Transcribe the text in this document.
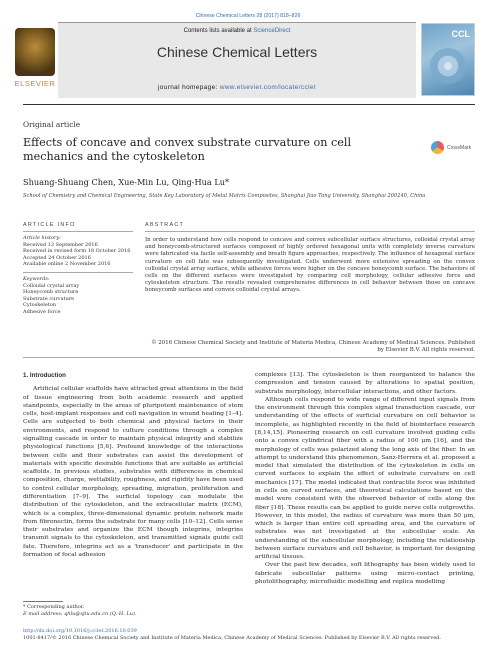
Chinese Chemical Letters 28 (2017) 818–826
ELSEVIER
Contents lists available at ScienceDirect
Chinese Chemical Letters
journal homepage: www.elsevier.com/locate/cclet
CCL
Original article
Effects of concave and convex substrate curvature on cell mechanics and the cytoskeleton
CrossMark
Shuang-Shuang Chen, Xue-Min Lu, Qing-Hua Lu*
School of Chemistry and Chemical Engineering, State Key Laboratory of Metal Matrix Composites, Shanghai Jiao Tong University, Shanghai 200240, China
ARTICLE INFO	ABSTRACT
Article history:
Received 13 September 2016
Received in revised form 18 October 2016
Accepted 24 October 2016
Available online 2 November 2016
Keywords:
Colloidal crystal array
Honeycomb structure
Substrate curvature
Cytoskeleton
Adhesive force
In order to understand how cells respond to concave and convex subcellular surface structures, colloidal crystal array and honeycomb-structured surfaces composed of highly ordered hexagonal units with completely inverse curvature were fabricated via facile self-assembly and breath figure approaches, respectively. The influence of hexagonal surface curvature on cell fate was subsequently investigated. Cells underwent more extensive spreading on the convex colloidal crystal array surface, while adhesive forces were higher on the concave honeycomb surface. The behaviors of cells on the different surfaces were investigated by comparing cell morphology, cellular adhesive force and cytoskeleton structure. The results revealed comprehensive differences in cell behavior between those on concave honeycomb surfaces and convex colloidal crystal arrays.
© 2016 Chinese Chemical Society and Institute of Materia Medica, Chinese Academy of Medical Sciences. Published by Elsevier B.V. All rights reserved.
1. Introduction

Artificial cellular scaffolds have attracted great attentions in the field of tissue engineering from both academic research and applied standpoints, especially in the areas of pluripotent maintenance of stem cells, host-implant responses and cell navigation in wound healing [1–4]. Cells are subjected to both chemical and physical factors in their environments, and respond to culture conditions through a complex signalling cascade in order to maintain physical integrity and stabilize physiological functions [5,6]. Profound knowledge of the interactions between cells and their substrates can assist the development of materials with specific desirable functions that are suitable as artificial scaffolds. In previous studies, substrates with differences in chemical composition, charge, wettability, roughness, and rigidity have been used to control cellular morphology, spreading, migration, proliferation and differentiation [7–9]. The surficial topology can modulate the distribution of the cytoskeleton, and the extracellular matrix (ECM), which is a complex, three-dimensional dynamic protein network made from fibronectin, forms the substrate for many cells [10–12]. Cells sense their substrates and organize the ECM though integrins, integrins transmit signals to the cytoskeleton, and transmitted signals guide cell fate. Therefore, integrins act as a 'transducer' and participate in the formation of focal adhesion

complexes [13]. The cytoskeleton is then reorganized to balance the compression and tension caused by alterations to spatial position, substrate morphology, intercellular interactions, and other factors.

Although cells respond to wide range of different input signals from the environment through this complex signal transduction cascade, our understanding of the effects of surficial curvature on cell behavior is incomplete, as highlighted recently in the field of biointerface research [8,14,15]. Pioneering research on cell curvature involved guiding cells onto a convex cylindrical fiber with a radius of 100 μm [16], and the morphology of cells was polarized along the long axis of the fiber. In an attempt to understand this phenomenon, Sanz-Herrera et al. proposed a model that simulated the distribution of the cytoskeleton in cells on curved surfaces to explain the effect of substrate curvature on cell mechanics [17]. The model indicated that contractile force was inhibited in cells on curved surfaces, and theoretical calculations based on the model were consistent with the observed behavior of cells along the fiber [18]. These results can be applied to guide nerve cells outgrowths. However, in this model, the radius of curvature was more than 50 μm, which is larger than entire cell spreading area, and the curvature of substrates was not investigated at the subcellular scale. An understanding of the subcellular morphology, including the relationship between surface curvature and cell behavior, is important for designing artificial tissues.

Over the past few decades, soft lithography has been widely used to fabricate subcellular patterns using micro-contact printing, photolithography, microfluidic modelling and replica modelling

* Corresponding author.
E-mail address: qhlu@sjtu.edu.cn (Q.-H. Lu).
http://dx.doi.org/10.1016/j.cclet.2016.10.039
1001-8417/© 2016 Chinese Chemical Society and Institute of Materia Medica, Chinese Academy of Medical Sciences. Published by Elsevier B.V. All rights reserved.
